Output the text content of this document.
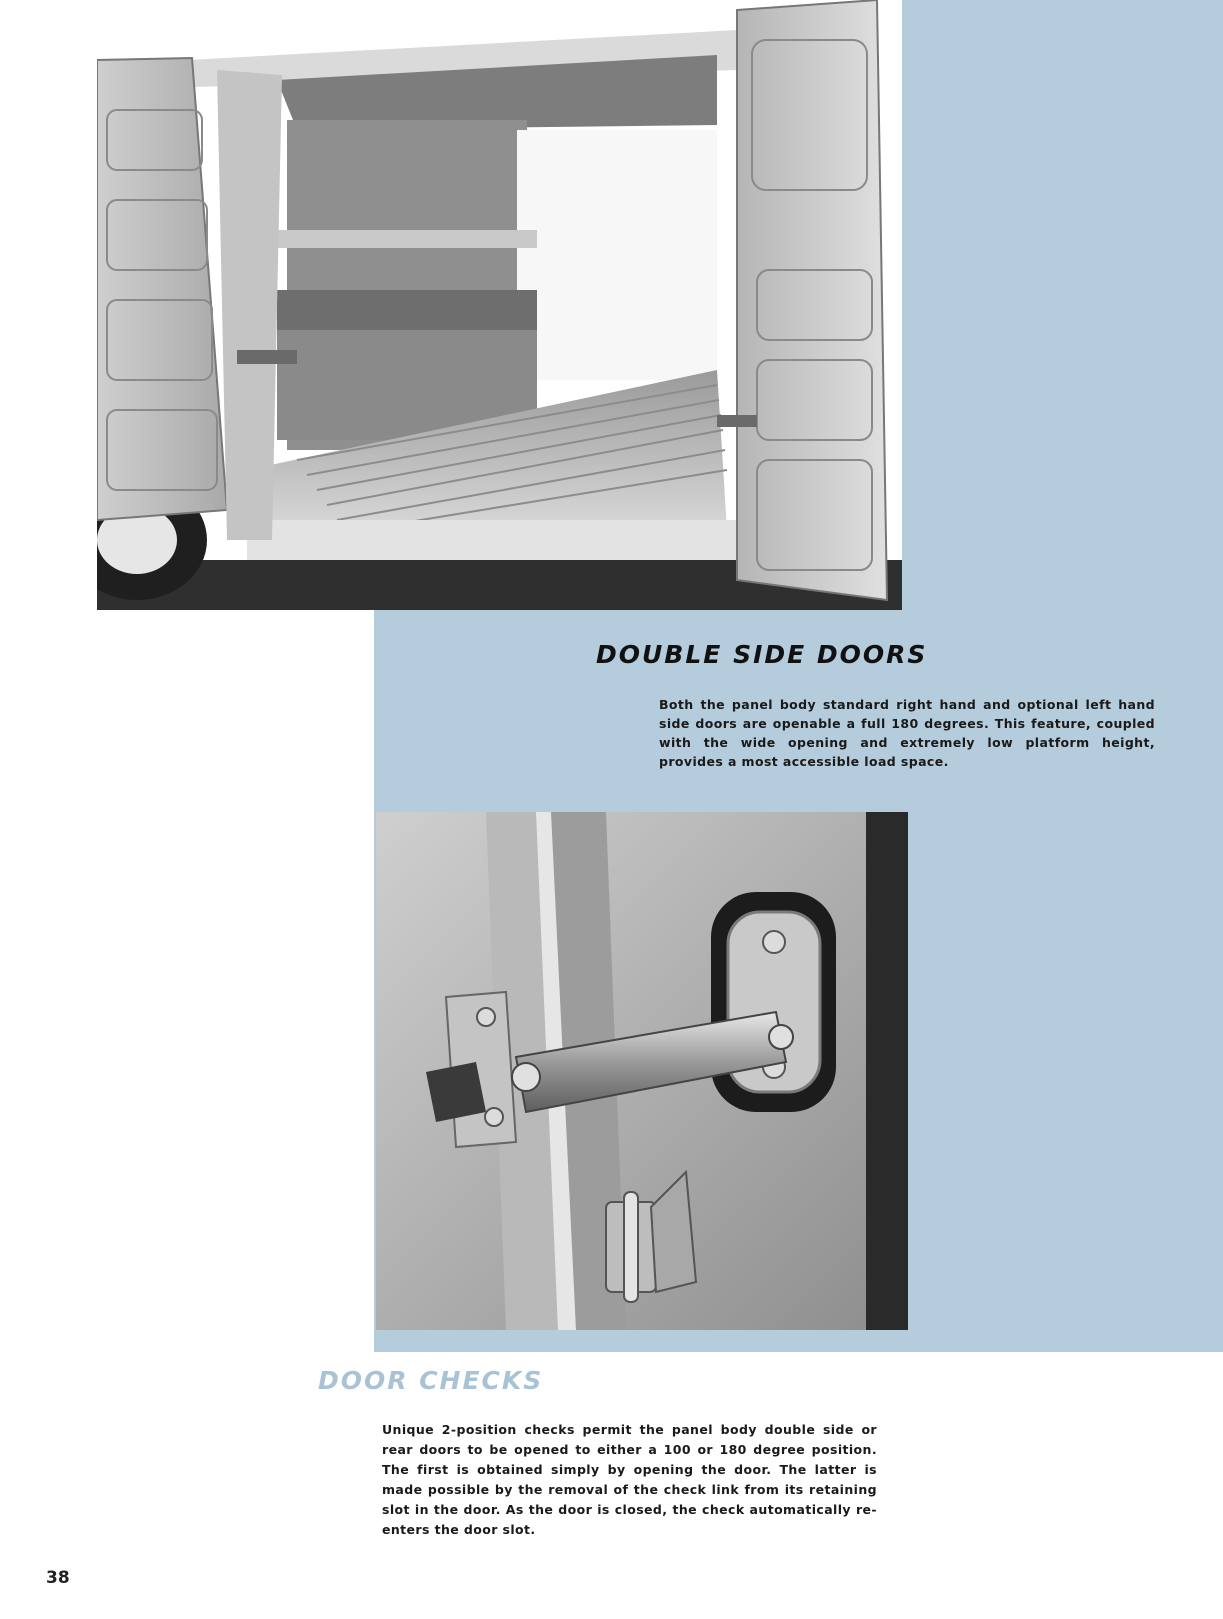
DOUBLE SIDE DOORS

Both the panel body standard right hand and optional left hand side doors are openable a full 180 degrees. This feature, coupled with the wide opening and extremely low platform height, provides a most accessible load space.

DOOR CHECKS

Unique 2-position checks permit the panel body double side or rear doors to be opened to either a 100 or 180 degree position. The first is obtained simply by opening the door. The latter is made possible by the removal of the check link from its retaining slot in the door. As the door is closed, the check automatically re-enters the door slot.

38
